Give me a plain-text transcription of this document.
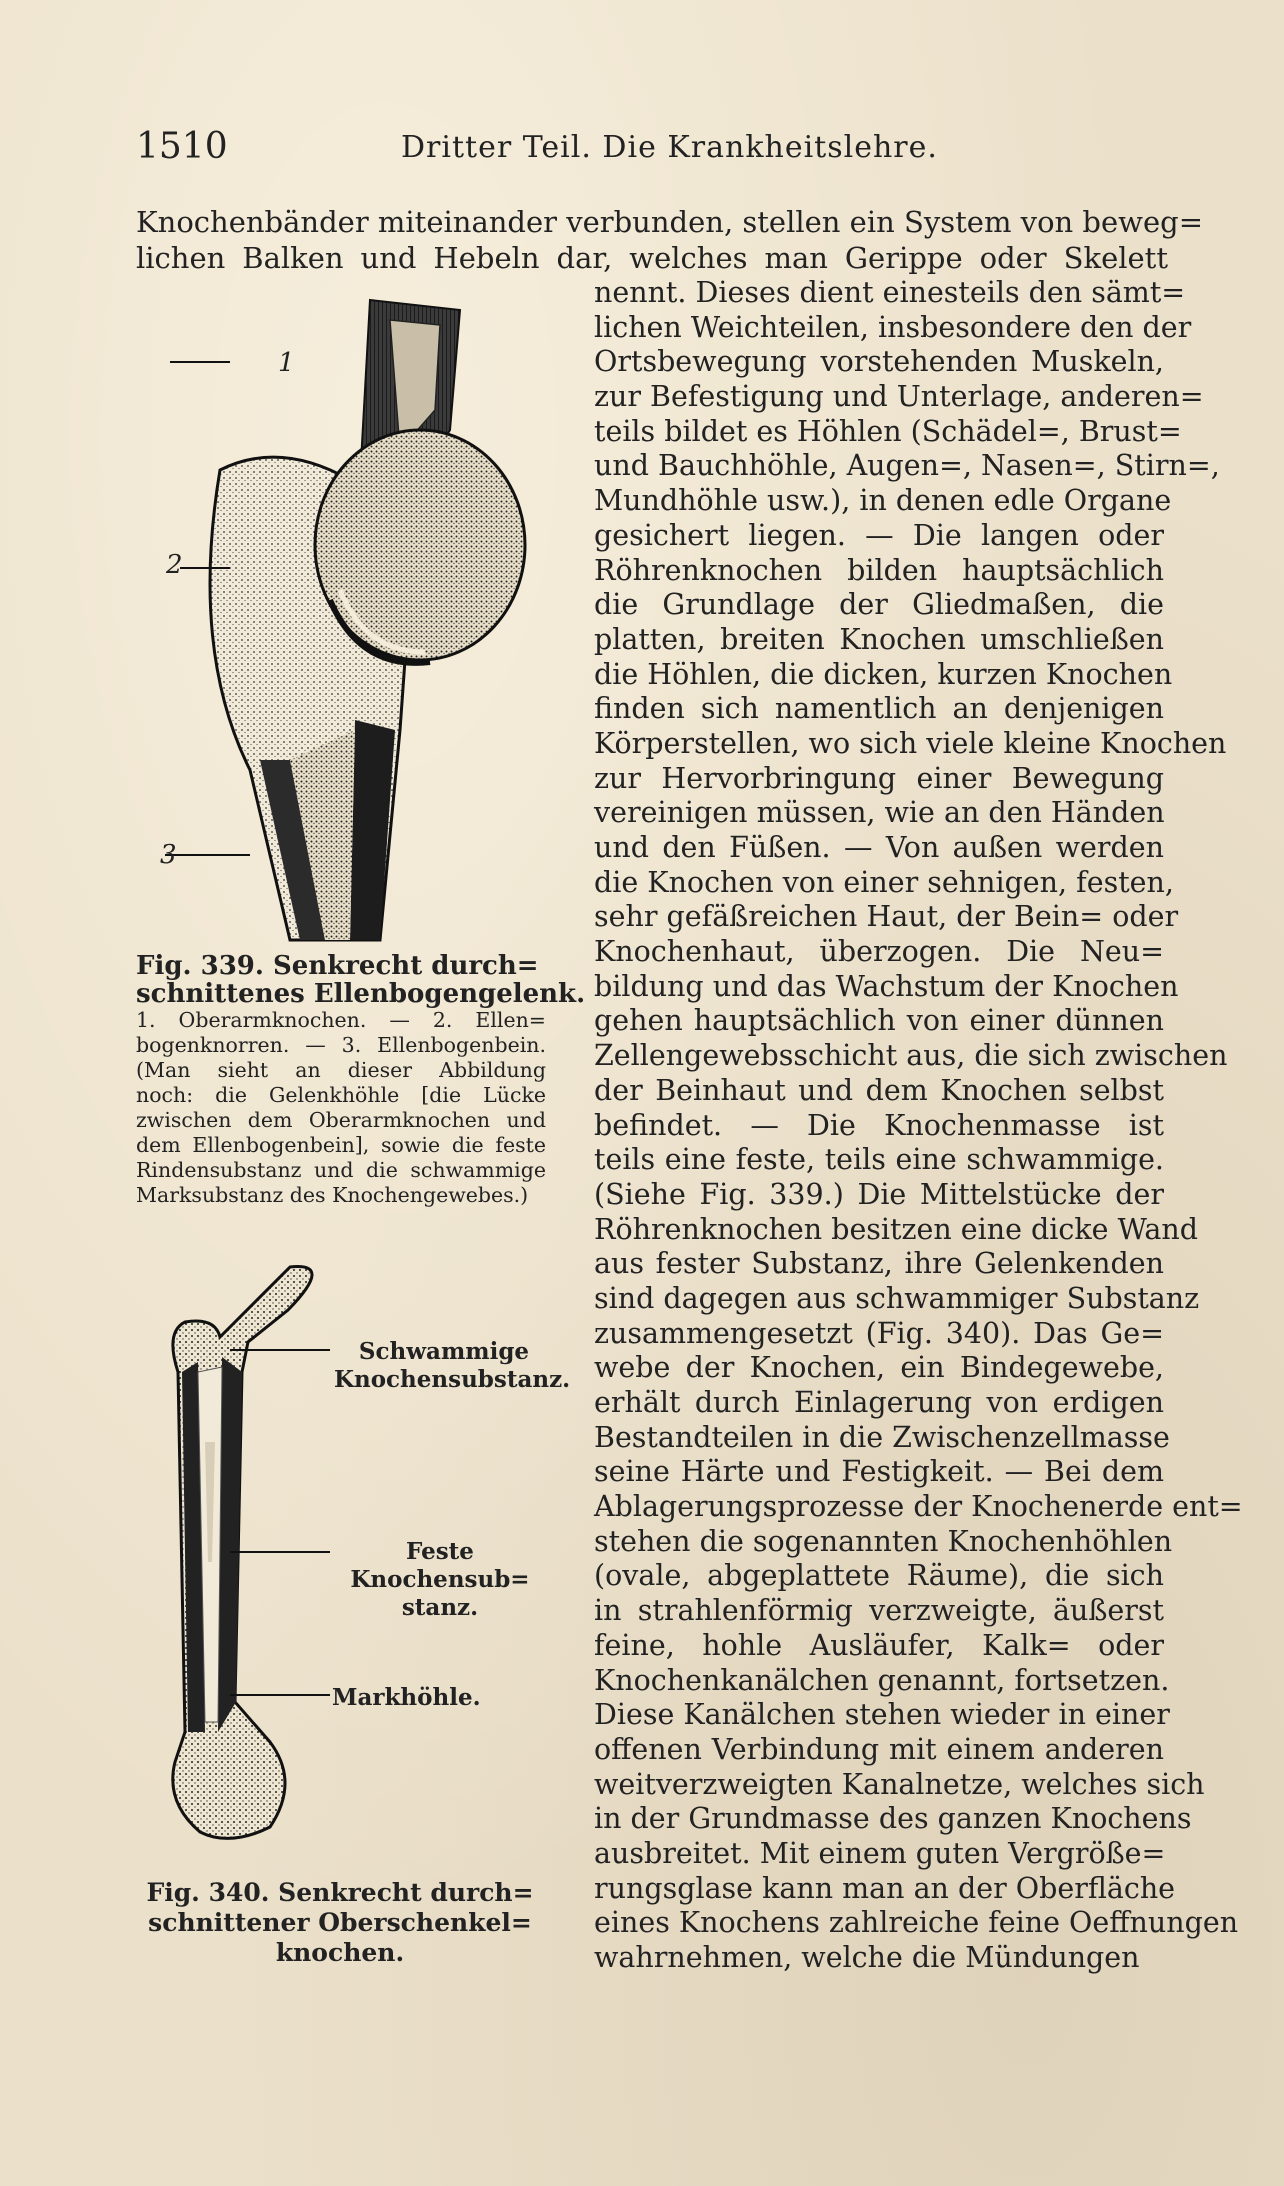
1510	Dritter Teil. Die Krankheitslehre.
Knochenbänder miteinander verbunden, stellen ein System von beweg=
lichen Balken und Hebeln dar, welches man Gerippe oder Skelett
1
2
3
Fig. 339. Senkrecht durch=
schnittenes Ellenbogengelenk.
1. Oberarmknochen. — 2. Ellen=
bogenknorren. — 3. Ellenbogenbein.
(Man sieht an dieser Abbildung
noch: die Gelenkhöhle [die Lücke
zwischen dem Oberarmknochen und
dem Ellenbogenbein], sowie die feste
Rindensubstanz und die schwammige
Marksubstanz des Knochengewebes.)
Schwammige
Knochensubstanz.
Feste Knochensub=
stanz.
Markhöhle.
Fig. 340. Senkrecht durch=
schnittener Oberschenkel=
knochen.
nennt. Dieses dient einesteils den sämt=
lichen Weichteilen, insbesondere den der
Ortsbewegung vorstehenden Muskeln,
zur Befestigung und Unterlage, anderen=
teils bildet es Höhlen (Schädel=, Brust=
und Bauchhöhle, Augen=, Nasen=, Stirn=,
Mundhöhle usw.), in denen edle Organe
gesichert liegen. — Die langen oder
Röhrenknochen bilden hauptsächlich
die Grundlage der Gliedmaßen, die
platten, breiten Knochen umschließen
die Höhlen, die dicken, kurzen Knochen
finden sich namentlich an denjenigen
Körperstellen, wo sich viele kleine Knochen
zur Hervorbringung einer Bewegung
vereinigen müssen, wie an den Händen
und den Füßen. — Von außen werden
die Knochen von einer sehnigen, festen,
sehr gefäßreichen Haut, der Bein= oder
Knochenhaut, überzogen. Die Neu=
bildung und das Wachstum der Knochen
gehen hauptsächlich von einer dünnen
Zellengewebsschicht aus, die sich zwischen
der Beinhaut und dem Knochen selbst
befindet. — Die Knochenmasse ist
teils eine feste, teils eine schwammige.
(Siehe Fig. 339.) Die Mittelstücke der
Röhrenknochen besitzen eine dicke Wand
aus fester Substanz, ihre Gelenkenden
sind dagegen aus schwammiger Substanz
zusammengesetzt (Fig. 340). Das Ge=
webe der Knochen, ein Bindegewebe,
erhält durch Einlagerung von erdigen
Bestandteilen in die Zwischenzellmasse
seine Härte und Festigkeit. — Bei dem
Ablagerungsprozesse der Knochenerde ent=
stehen die sogenannten Knochenhöhlen
(ovale, abgeplattete Räume), die sich
in strahlenförmig verzweigte, äußerst
feine, hohle Ausläufer, Kalk= oder
Knochenkanälchen genannt, fortsetzen.
Diese Kanälchen stehen wieder in einer
offenen Verbindung mit einem anderen
weitverzweigten Kanalnetze, welches sich
in der Grundmasse des ganzen Knochens
ausbreitet. Mit einem guten Vergröße=
rungsglase kann man an der Oberfläche
eines Knochens zahlreiche feine Oeffnungen
wahrnehmen, welche die Mündungen
